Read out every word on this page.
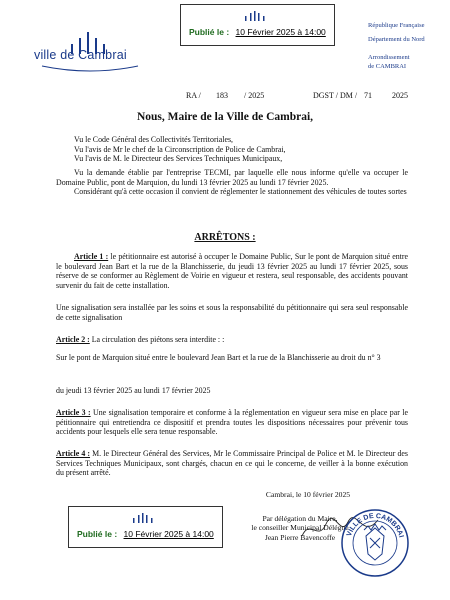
Publié le : 10 Février 2025 à 14:00
ville de Cambrai
République Française
Département du Nord
Arrondissement
de CAMBRAI
RA / 183 / 2025	DGST / DM / 71	2025
Nous, Maire de la Ville de Cambrai,
Vu le Code Général des Collectivités Territoriales,
Vu l'avis de Mr le chef de la Circonscription de Police de Cambrai,
Vu l'avis de M. le Directeur des Services Techniques Municipaux,
Vu la demande établie par l'entreprise TECMI, par laquelle elle nous informe qu'elle va occuper le Domaine Public, pont de Marquion, du lundi 13 février 2025 au lundi 17 février 2025.
Considérant qu'à cette occasion il convient de réglementer le stationnement des véhicules de toutes sortes
ARRÊTONS :
Article 1 : le pétitionnaire est autorisé à occuper le Domaine Public, Sur le pont de Marquion situé entre le boulevard Jean Bart et la rue de la Blanchisserie, du jeudi 13 février 2025 au lundi 17 février 2025, sous réserve de se conformer au Règlement de Voirie en vigueur et restera, seul responsable, des accidents pouvant survenir du fait de cette installation.
Une signalisation sera installée par les soins et sous la responsabilité du pétitionnaire qui sera seul responsable de cette signalisation
Article 2 : La circulation des piétons sera interdite : :
Sur le pont de Marquion situé entre le boulevard Jean Bart et la rue de la Blanchisserie au droit du n° 3
du jeudi 13 février 2025 au lundi 17 février 2025
Article 3 : Une signalisation temporaire et conforme à la réglementation en vigueur sera mise en place par le pétitionnaire qui entretiendra ce dispositif et prendra toutes les dispositions nécessaires pour prévenir tous accidents pour lesquels elle sera tenue responsable.
Article 4 : M. le Directeur Général des Services, Mr le Commissaire Principal de Police et M. le Directeur des Services Techniques Municipaux, sont chargés, chacun en ce qui le concerne, de veiller à la bonne exécution du présent arrêté.
Cambrai, le 10 février 2025
Par délégation du Maire,
le conseiller Municipal Délégué
Jean Pierre Bavencoffe
Publié le : 10 Février 2025 à 14:00	VILLE DE CAMBRAI
